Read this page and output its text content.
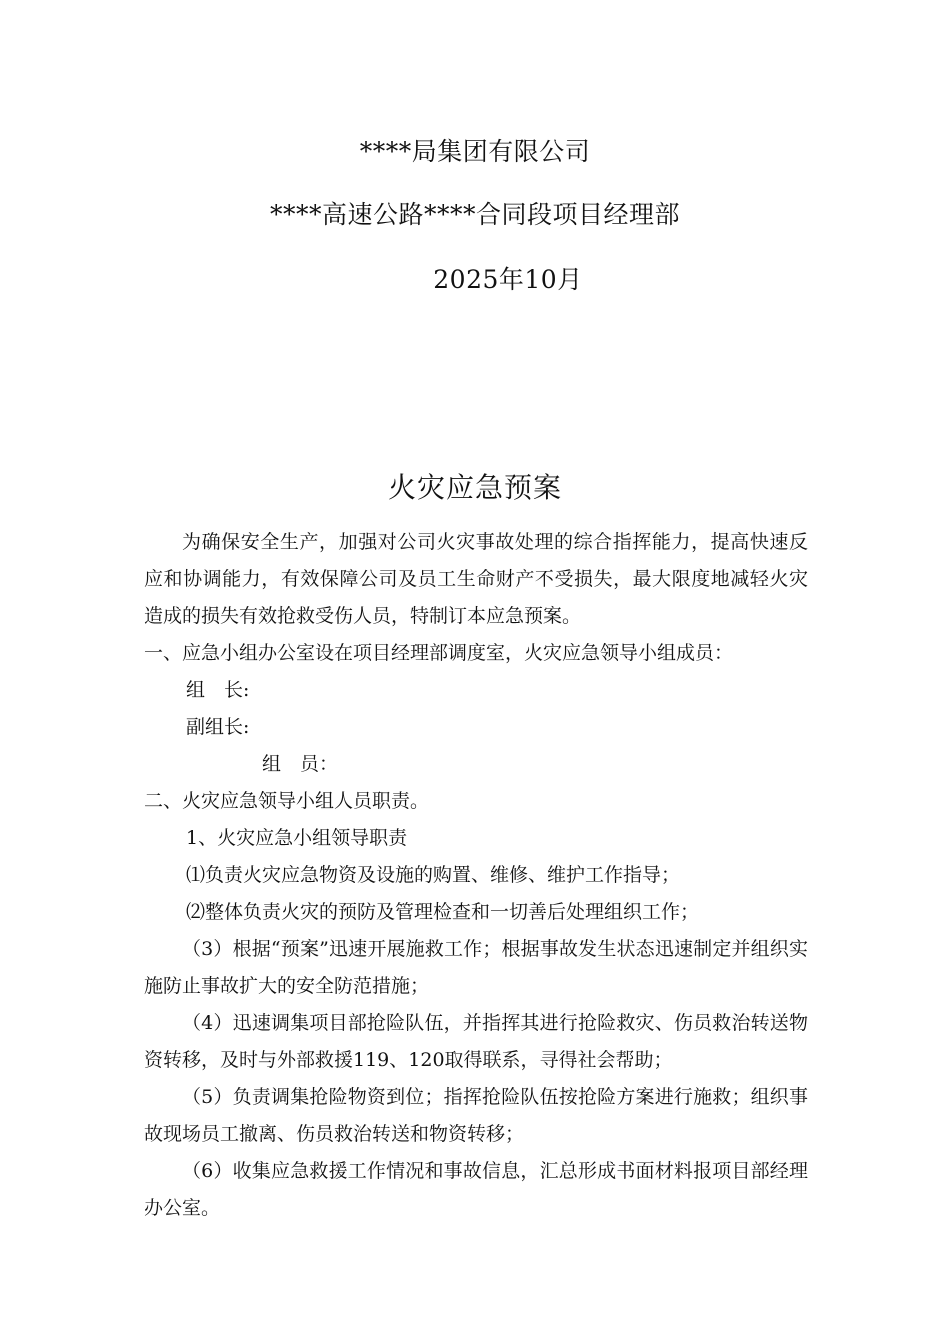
****局集团有限公司
****高速公路****合同段项目经理部
2025年10月
火灾应急预案
为确保安全生产，加强对公司火灾事故处理的综合指挥能力，提高快速反应和协调能力，有效保障公司及员工生命财产不受损失，最大限度地减轻火灾造成的损失有效抢救受伤人员，特制订本应急预案。
一、应急小组办公室设在项目经理部调度室，火灾应急领导小组成员：
组　长:
副组长:
组　员：
二、火灾应急领导小组人员职责。
1、火灾应急小组领导职责
⑴负责火灾应急物资及设施的购置、维修、维护工作指导；
⑵整体负责火灾的预防及管理检查和一切善后处理组织工作；
（3）根据“预案”迅速开展施救工作；根据事故发生状态迅速制定并组织实施防止事故扩大的安全防范措施；
（4）迅速调集项目部抢险队伍，并指挥其进行抢险救灾、伤员救治转送物资转移，及时与外部救援119、120取得联系，寻得社会帮助；
（5）负责调集抢险物资到位；指挥抢险队伍按抢险方案进行施救；组织事故现场员工撤离、伤员救治转送和物资转移；
（6）收集应急救援工作情况和事故信息，汇总形成书面材料报项目部经理办公室。
